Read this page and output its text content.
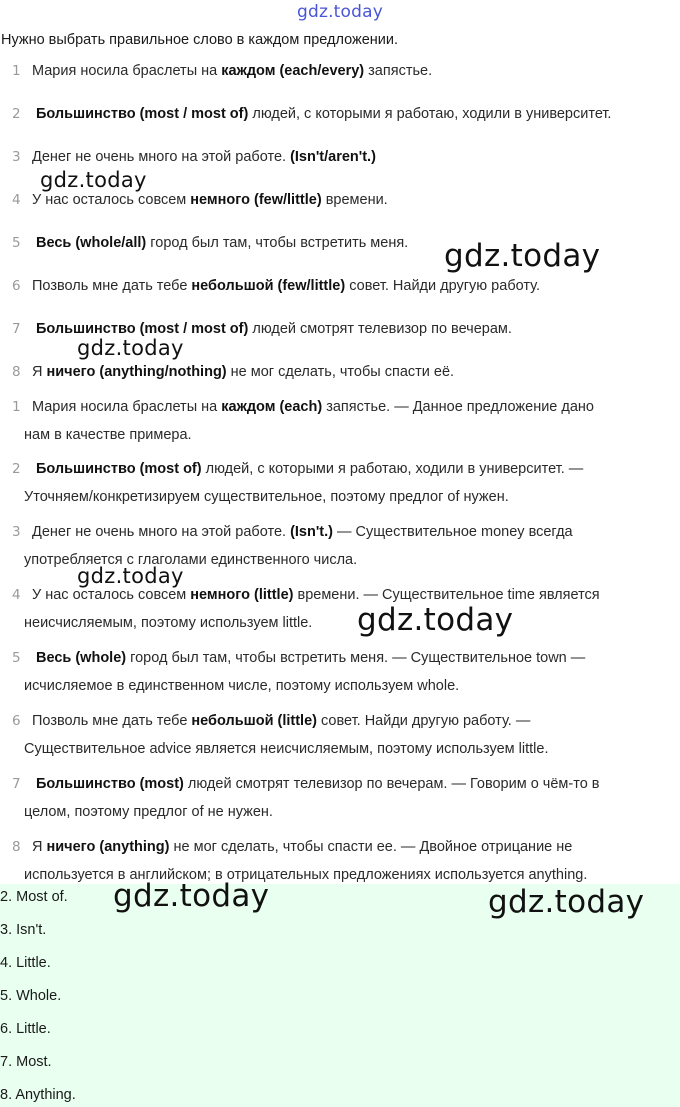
gdz.today
Нужно выбрать правильное слово в каждом предложении.
1 Мария носила браслеты на каждом (each/every) запястье.
2 Большинство (most / most of) людей, с которыми я работаю, ходили в университет.
3 Денег не очень много на этой работе. (Isn't/aren't.)
4 У нас осталось совсем немного (few/little) времени.
5 Весь (whole/all) город был там, чтобы встретить меня.
6 Позволь мне дать тебе небольшой (few/little) совет. Найди другую работу.
7 Большинство (most / most of) людей смотрят телевизор по вечерам.
8 Я ничего (anything/nothing) не мог сделать, чтобы спасти её.
1 Мария носила браслеты на каждом (each) запястье. — Данное предложение дано
нам в качестве примера.
2 Большинство (most of) людей, с которыми я работаю, ходили в университет. —
Уточняем/конкретизируем существительное, поэтому предлог of нужен.
3 Денег не очень много на этой работе. (Isn't.) — Существительное money всегда
употребляется с глаголами единственного числа.
4 У нас осталось совсем немного (little) времени. — Существительное time является
неисчисляемым, поэтому используем little.
5 Весь (whole) город был там, чтобы встретить меня. — Существительное town —
исчисляемое в единственном числе, поэтому используем whole.
6 Позволь мне дать тебе небольшой (little) совет. Найди другую работу. —
Существительное advice является неисчисляемым, поэтому используем little.
7 Большинство (most) людей смотрят телевизор по вечерам. — Говорим о чём-то в
целом, поэтому предлог of не нужен.
8 Я ничего (anything) не мог сделать, чтобы спасти ее. — Двойное отрицание не
используется в английском; в отрицательных предложениях используется anything.
2. Most of.
3. Isn't.
4. Little.
5. Whole.
6. Little.
7. Most.
8. Anything.
gdz.today
gdz.today
gdz.today
gdz.today
gdz.today
gdz.today	gdz.today
